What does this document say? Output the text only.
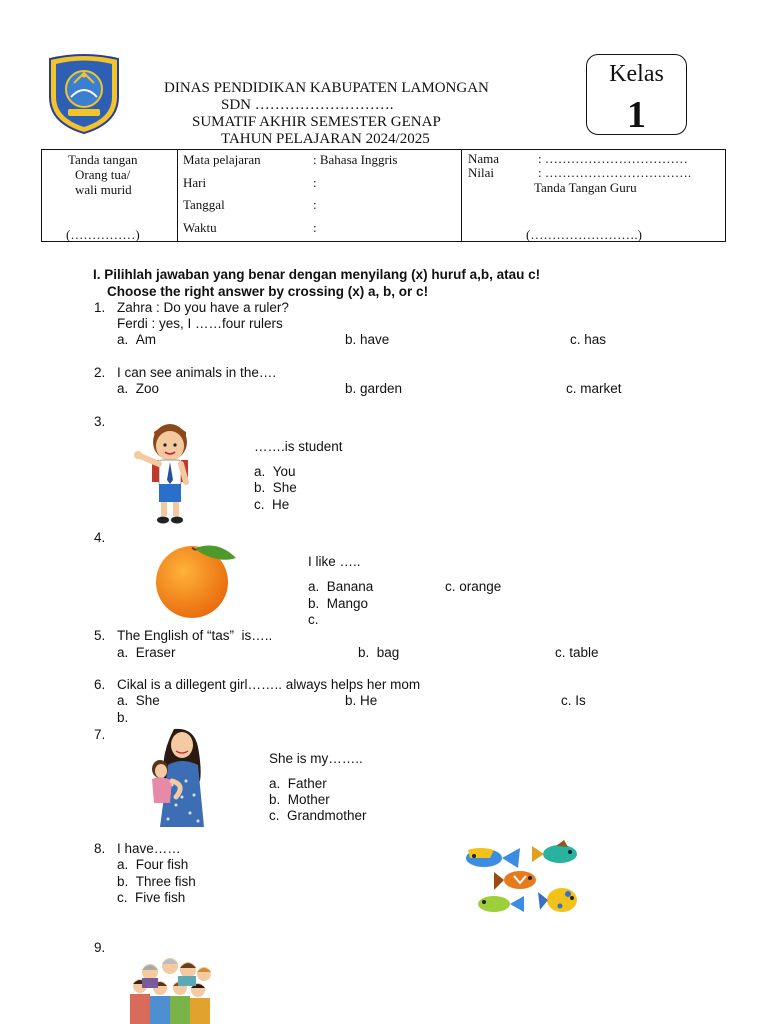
DINAS PENDIDIKAN KABUPATEN LAMONGAN
SDN ……………………….
SUMATIF AKHIR SEMESTER GENAP
TAHUN PELAJARAN 2024/2025
Kelas
1
Tanda tangan
Orang tua/
wali murid
(……………)

Mata pelajaran	: Bahasa Inggris
Hari	:
Tanggal	:
Waktu	:

Nama	: ……………………………
Nilai	: …………………………….
Tanda Tangan Guru
(…………………….)
I. Pilihlah jawaban yang benar dengan menyilang (x) huruf a,b, atau c!
Choose the right answer by crossing (x) a, b, or c!
1. Zahra : Do you have a ruler?
Ferdi : yes, I ……four rulers
a.  Am	b. have	c. has
2. I can see animals in the….
a.  Zoo	b. garden	c. market
3.
…….is student
a.  You
b.  She
c.  He
4.
I like …..
a.  Banana	c. orange
b.  Mango
c.
5. The English of “tas”  is…..
a.  Eraser	b.  bag	c. table
6. Cikal is a dillegent girl…….. always helps her mom
a.  She	b. He	c. Is
b.
7.
She is my……..
a.  Father
b.  Mother
c.  Grandmother
8. I have……
a.  Four fish
b.  Three fish
c.  Five fish
9.
